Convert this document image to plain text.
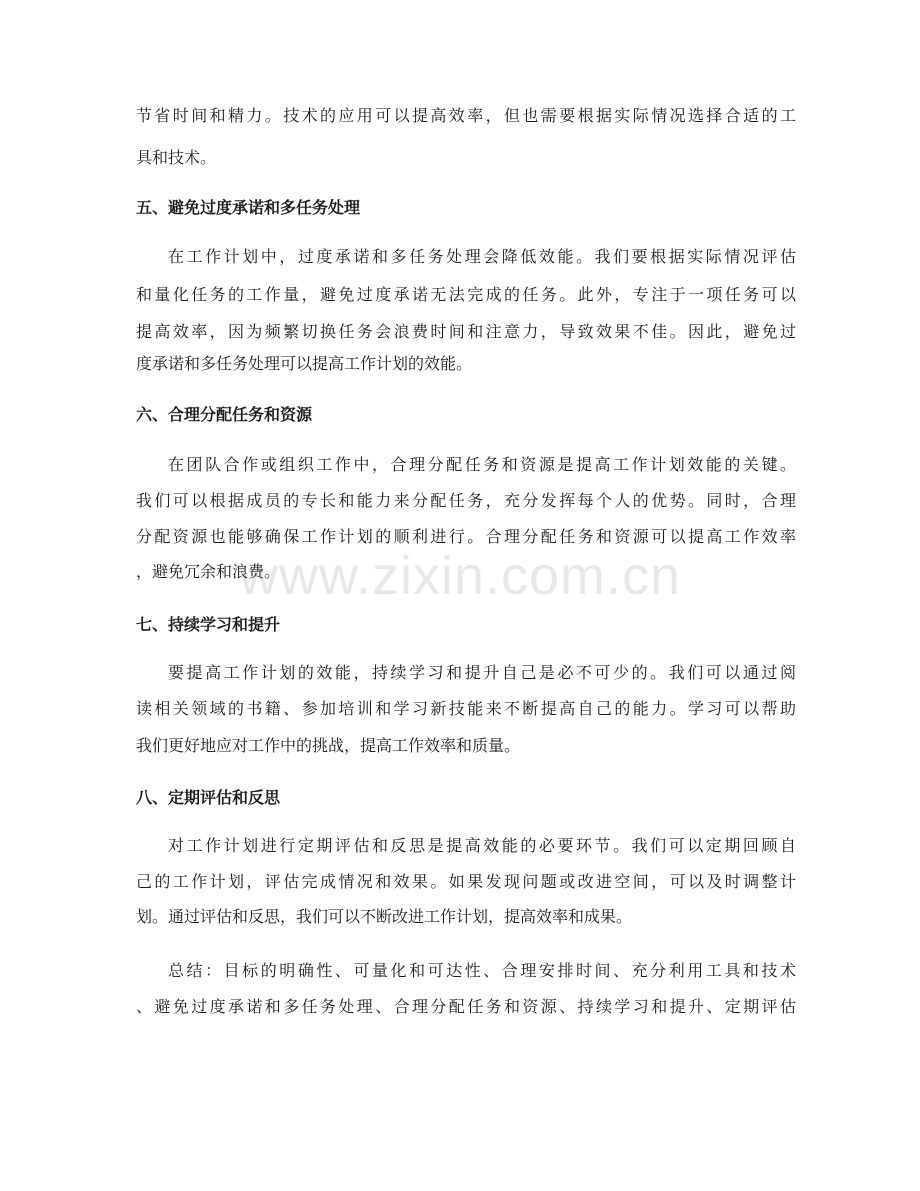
www.zixin.com.cn
节省时间和精力。技术的应用可以提高效率，但也需要根据实际情况选择合适的工
具和技术。
五、避免过度承诺和多任务处理
在工作计划中，过度承诺和多任务处理会降低效能。我们要根据实际情况评估
和量化任务的工作量，避免过度承诺无法完成的任务。此外，专注于一项任务可以
提高效率，因为频繁切换任务会浪费时间和注意力，导致效果不佳。因此，避免过
度承诺和多任务处理可以提高工作计划的效能。
六、合理分配任务和资源
在团队合作或组织工作中，合理分配任务和资源是提高工作计划效能的关键。
我们可以根据成员的专长和能力来分配任务，充分发挥每个人的优势。同时，合理
分配资源也能够确保工作计划的顺利进行。合理分配任务和资源可以提高工作效率
，避免冗余和浪费。
七、持续学习和提升
要提高工作计划的效能，持续学习和提升自己是必不可少的。我们可以通过阅
读相关领域的书籍、参加培训和学习新技能来不断提高自己的能力。学习可以帮助
我们更好地应对工作中的挑战，提高工作效率和质量。
八、定期评估和反思
对工作计划进行定期评估和反思是提高效能的必要环节。我们可以定期回顾自
己的工作计划，评估完成情况和效果。如果发现问题或改进空间，可以及时调整计
划。通过评估和反思，我们可以不断改进工作计划，提高效率和成果。
总结：目标的明确性、可量化和可达性、合理安排时间、充分利用工具和技术
、避免过度承诺和多任务处理、合理分配任务和资源、持续学习和提升、定期评估
